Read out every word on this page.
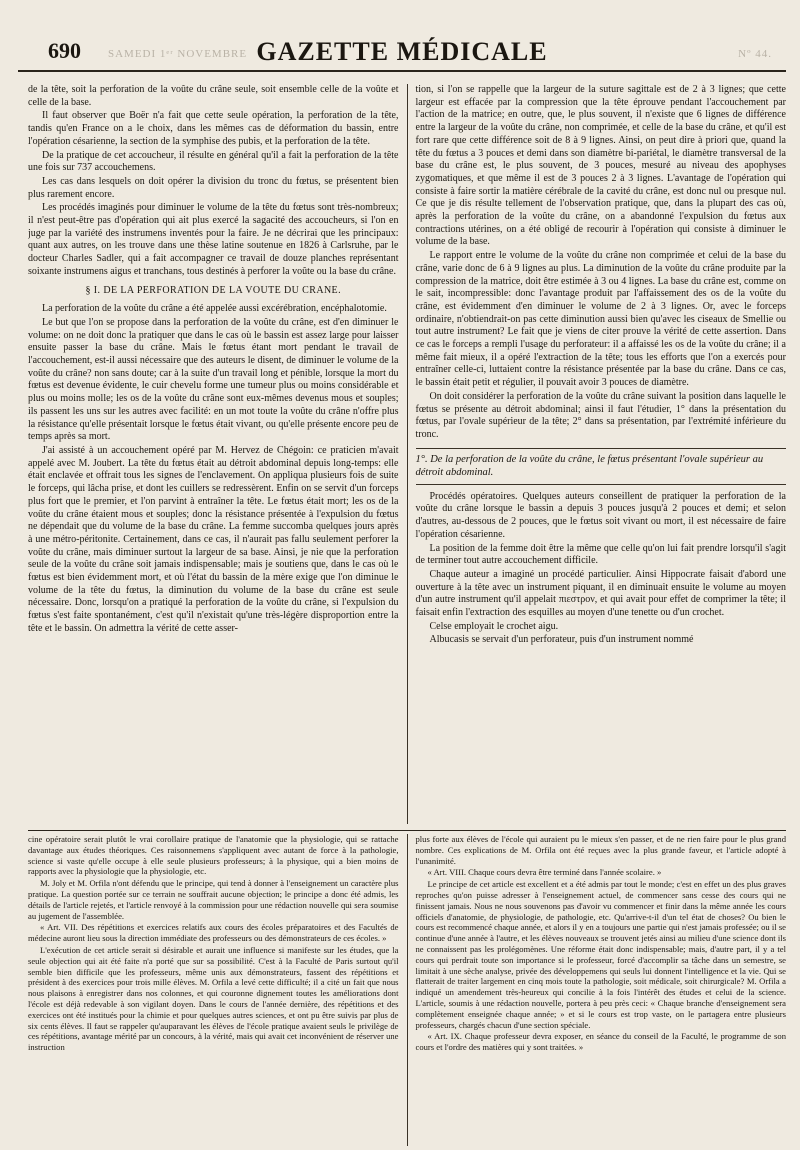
690 SAMEDI 1ᵉʳ NOVEMBRE GAZETTE MÉDICALE	Nº 44.

de la tête, soit la perforation de la voûte du crâne seule, soit ensemble celle de la voûte et celle de la base.

Il faut observer que Boër n'a fait que cette seule opération, la perforation de la tête, tandis qu'en France on a le choix, dans les mêmes cas de déformation du bassin, entre l'opération césarienne, la section de la symphise des pubis, et la perforation de la tête.

De la pratique de cet accoucheur, il résulte en général qu'il a fait la perforation de la tête une fois sur 737 accouchemens.

Les cas dans lesquels on doit opérer la division du tronc du fœtus, se présentent bien plus rarement encore.

Les procédés imaginés pour diminuer le volume de la tête du fœtus sont très-nombreux; il n'est peut-être pas d'opération qui ait plus exercé la sagacité des accoucheurs, si l'on en juge par la variété des instrumens inventés pour la faire. Je ne décrirai que les principaux: quant aux autres, on les trouve dans une thèse latine soutenue en 1826 à Carlsruhe, par le docteur Charles Sadler, qui a fait accompagner ce travail de douze planches représentant soixante instrumens aigus et tranchans, tous destinés à perforer la voûte ou la base du crâne.

§ I. DE LA PERFORATION DE LA VOUTE DU CRANE.

La perforation de la voûte du crâne a été appelée aussi excérébration, encéphalotomie.

Le but que l'on se propose dans la perforation de la voûte du crâne, est d'en diminuer le volume: on ne doit donc la pratiquer que dans le cas où le bassin est assez large pour laisser ensuite passer la base du crâne. Mais le fœtus étant mort pendant le travail de l'accouchement, est-il aussi nécessaire que des auteurs le disent, de diminuer le volume de la voûte du crâne? non sans doute; car à la suite d'un travail long et pénible, lorsque la mort du fœtus est devenue évidente, le cuir chevelu forme une tumeur plus ou moins considérable et plus ou moins molle; les os de la voûte du crâne sont eux-mêmes devenus mous et souples; ils passent les uns sur les autres avec facilité: en un mot toute la voûte du crâne n'offre plus la résistance qu'elle présentait lorsque le fœtus était vivant, ou qu'elle présente encore peu de temps après sa mort.

J'ai assisté à un accouchement opéré par M. Hervez de Chégoin: ce praticien m'avait appelé avec M. Joubert. La tête du fœtus était au détroit abdominal depuis long-temps: elle était enclavée et offrait tous les signes de l'enclavement. On appliqua plusieurs fois de suite le forceps, qui lâcha prise, et dont les cuillers se redressèrent. Enfin on se servit d'un forceps plus fort que le premier, et l'on parvint à entraîner la tête. Le fœtus était mort; les os de la voûte du crâne étaient mous et souples; donc la résistance présentée à l'expulsion du fœtus ne dépendait que du volume de la base du crâne. La femme succomba quelques jours après à une métro-péritonite. Certainement, dans ce cas, il n'aurait pas fallu seulement perforer la voûte du crâne, mais diminuer surtout la largeur de sa base. Ainsi, je nie que la perforation seule de la voûte du crâne soit jamais indispensable; mais je soutiens que, dans le cas où le fœtus est bien évidemment mort, et où l'état du bassin de la mère exige que l'on diminue le volume de la tête du fœtus, la diminution du volume de la base du crâne est seule nécessaire. Donc, lorsqu'on a pratiqué la perforation de la voûte du crâne, si l'expulsion du fœtus s'est faite spontanément, c'est qu'il n'existait qu'une très-légère disproportion entre la tête et le bassin. On admettra la vérité de cette asser-

tion, si l'on se rappelle que la largeur de la suture sagittale est de 2 à 3 lignes; que cette largeur est effacée par la compression que la tête éprouve pendant l'accouchement par l'action de la matrice; en outre, que, le plus souvent, il n'existe que 6 lignes de différence entre la largeur de la voûte du crâne, non comprimée, et celle de la base du crâne, et qu'il est fort rare que cette différence soit de 8 à 9 lignes. Ainsi, on peut dire à priori que, quand la tête du fœtus a 3 pouces et demi dans son diamètre bi-pariétal, le diamètre transversal de la base du crâne est, le plus souvent, de 3 pouces, mesuré au niveau des apophyses zygomatiques, et que même il est de 3 pouces 2 à 3 lignes. L'avantage de l'opération qui consiste à faire sortir la matière cérébrale de la cavité du crâne, est donc nul ou presque nul. Ce que je dis résulte tellement de l'observation pratique, que, dans la plupart des cas où, après la perforation de la voûte du crâne, on a abandonné l'expulsion du fœtus aux contractions utérines, on a été obligé de recourir à l'opération qui consiste à diminuer le volume de la base.

Le rapport entre le volume de la voûte du crâne non comprimée et celui de la base du crâne, varie donc de 6 à 9 lignes au plus. La diminution de la voûte du crâne produite par la compression de la matrice, doit être estimée à 3 ou 4 lignes. La base du crâne est, comme on le sait, incompressible: donc l'avantage produit par l'affaissement des os de la voûte du crâne, est évidemment d'en diminuer le volume de 2 à 3 lignes. Or, avec le forceps ordinaire, n'obtiendrait-on pas cette diminution aussi bien qu'avec les ciseaux de Smellie ou tout autre instrument? Le fait que je viens de citer prouve la vérité de cette assertion. Dans ce cas le forceps a rempli l'usage du perforateur: il a affaissé les os de la voûte du crâne; il a même fait mieux, il a opéré l'extraction de la tête; tous les efforts que l'on a exercés pour entraîner celle-ci, luttaient contre la résistance présentée par la base du crâne. Dans ce cas, le bassin était petit et régulier, il pouvait avoir 3 pouces de diamètre.

On doit considérer la perforation de la voûte du crâne suivant la position dans laquelle le fœtus se présente au détroit abdominal; ainsi il faut l'étudier, 1° dans la présentation du fœtus, par l'ovale supérieur de la tête; 2° dans sa présentation, par l'extrémité inférieure du tronc.

1°. De la perforation de la voûte du crâne, le fœtus présentant l'ovale supérieur au détroit abdominal.

Procédés opératoires. Quelques auteurs conseillent de pratiquer la perforation de la voûte du crâne lorsque le bassin a depuis 3 pouces jusqu'à 2 pouces et demi; et selon d'autres, au-dessous de 2 pouces, que le fœtus soit vivant ou mort, il est nécessaire de faire l'opération césarienne.

La position de la femme doit être la même que celle qu'on lui fait prendre lorsqu'il s'agit de terminer tout autre accouchement difficile.

Chaque auteur a imaginé un procédé particulier. Ainsi Hippocrate faisait d'abord une ouverture à la tête avec un instrument piquant, il en diminuait ensuite le volume au moyen d'un autre instrument qu'il appelait πιεστρον, et qui avait pour effet de comprimer la tête; il faisait enfin l'extraction des esquilles au moyen d'une tenette ou d'un crochet.

Celse employait le crochet aigu.

Albucasis se servait d'un perforateur, puis d'un instrument nommé

cine opératoire serait plutôt le vrai corollaire pratique de l'anatomie que la physiologie, qui se rattache davantage aux études théoriques. Ces raisonnemens s'appliquent avec autant de force à la pathologie, science si vaste qu'elle occupe à elle seule plusieurs professeurs; à la physique, qui a bien moins de rapports avec la physiologie que la physiologie, etc.

M. Joly et M. Orfila n'ont défendu que le principe, qui tend à donner à l'enseignement un caractère plus pratique. La question portée sur ce terrain ne souffrait aucune objection; le principe a donc été admis, les détails de l'article rejetés, et l'article renvoyé à la commission pour une rédaction nouvelle qui sera soumise au jugement de l'assemblée.

« Art. VII. Des répétitions et exercices relatifs aux cours des écoles préparatoires et des Facultés de médecine auront lieu sous la direction immédiate des professeurs ou des démonstrateurs de ces écoles. »

L'exécution de cet article serait si désirable et aurait une influence si manifeste sur les études, que la seule objection qui ait été faite n'a porté que sur sa possibilité. C'est à la Faculté de Paris surtout qu'il semble bien difficile que les professeurs, même unis aux démonstrateurs, fassent des répétitions et président à des exercices pour trois mille élèves. M. Orfila a levé cette difficulté; il a cité un fait que nous nous plaisons à enregistrer dans nos colonnes, et qui couronne dignement toutes les améliorations dont l'école est déjà redevable à son vigilant doyen. Dans le cours de l'année dernière, des répétitions et des exercices ont été institués pour la chimie et pour quelques autres sciences, et ont pu être suivis par plus de six cents élèves. Il faut se rappeler qu'auparavant les élèves de l'école pratique avaient seuls le privilège de ces répétitions, avantage mérité par un concours, à la vérité, mais qui avait cet inconvénient de réserver une instruction

plus forte aux élèves de l'école qui auraient pu le mieux s'en passer, et de ne rien faire pour le plus grand nombre. Ces explications de M. Orfila ont été reçues avec la plus grande faveur, et l'article adopté à l'unanimité.

« Art. VIII. Chaque cours devra être terminé dans l'année scolaire. »

Le principe de cet article est excellent et a été admis par tout le monde; c'est en effet un des plus graves reproches qu'on puisse adresser à l'enseignement actuel, de commencer sans cesse des cours qui ne finissent jamais. Nous ne nous souvenons pas d'avoir vu commencer et finir dans la même année les cours officiels d'anatomie, de physiologie, de pathologie, etc. Qu'arrive-t-il d'un tel état de choses? Ou bien le cours est recommencé chaque année, et alors il y en a toujours une partie qui n'est jamais professée; ou il se continue d'une année à l'autre, et les élèves nouveaux se trouvent jetés ainsi au milieu d'une science dont ils ne connaissent pas les prolégomènes. Une réforme était donc indispensable; mais, d'autre part, il y a tel cours qui perdrait toute son importance si le professeur, forcé d'accomplir sa tâche dans un semestre, se limitait à une sèche analyse, privée des développemens qui seuls lui donnent l'intelligence et la vie. Qui se flatterait de traiter largement en cinq mois toute la pathologie, soit médicale, soit chirurgicale? M. Orfila a indiqué un amendement très-heureux qui concilie à la fois l'intérêt des études et celui de la science. L'article, soumis à une rédaction nouvelle, portera à peu près ceci: « Chaque branche d'enseignement sera complètement enseignée chaque année; » et si le cours est trop vaste, on le partagera entre plusieurs professeurs, chargés chacun d'une section spéciale.

« Art. IX. Chaque professeur devra exposer, en séance du conseil de la Faculté, le programme de son cours et l'ordre des matières qui y sont traitées. »
